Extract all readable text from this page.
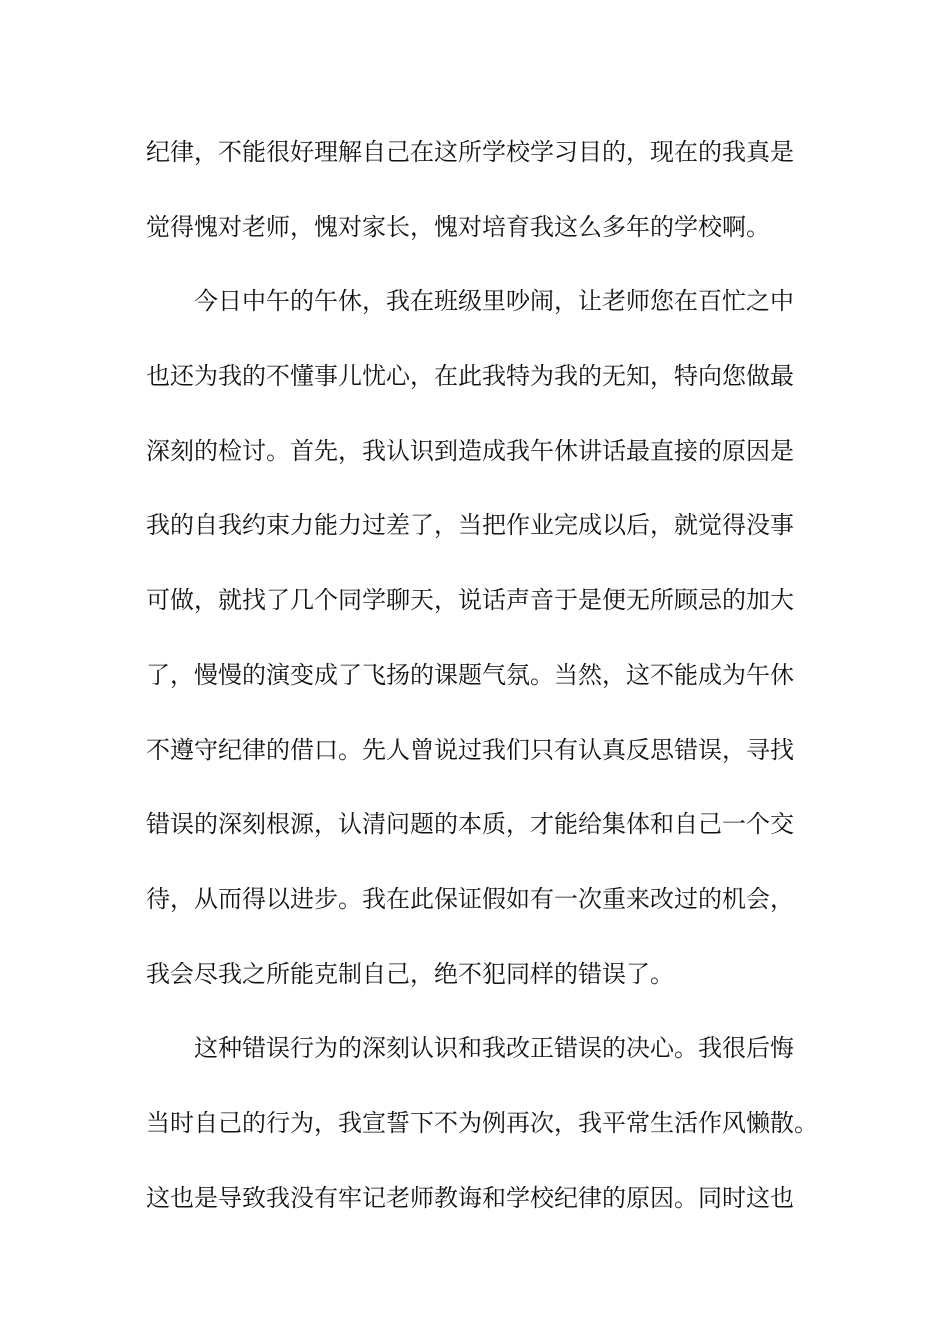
纪律，不能很好理解自己在这所学校学习目的，现在的我真是
觉得愧对老师，愧对家长，愧对培育我这么多年的学校啊。
今日中午的午休，我在班级里吵闹，让老师您在百忙之中
也还为我的不懂事儿忧心，在此我特为我的无知，特向您做最
深刻的检讨。首先，我认识到造成我午休讲话最直接的原因是
我的自我约束力能力过差了，当把作业完成以后，就觉得没事
可做，就找了几个同学聊天，说话声音于是便无所顾忌的加大
了，慢慢的演变成了飞扬的课题气氛。当然，这不能成为午休
不遵守纪律的借口。先人曾说过我们只有认真反思错误，寻找
错误的深刻根源，认清问题的本质，才能给集体和自己一个交
待，从而得以进步。我在此保证假如有一次重来改过的机会，
我会尽我之所能克制自己，绝不犯同样的错误了。
这种错误行为的深刻认识和我改正错误的决心。我很后悔
当时自己的行为，我宣誓下不为例再次，我平常生活作风懒散。
这也是导致我没有牢记老师教诲和学校纪律的原因。同时这也
